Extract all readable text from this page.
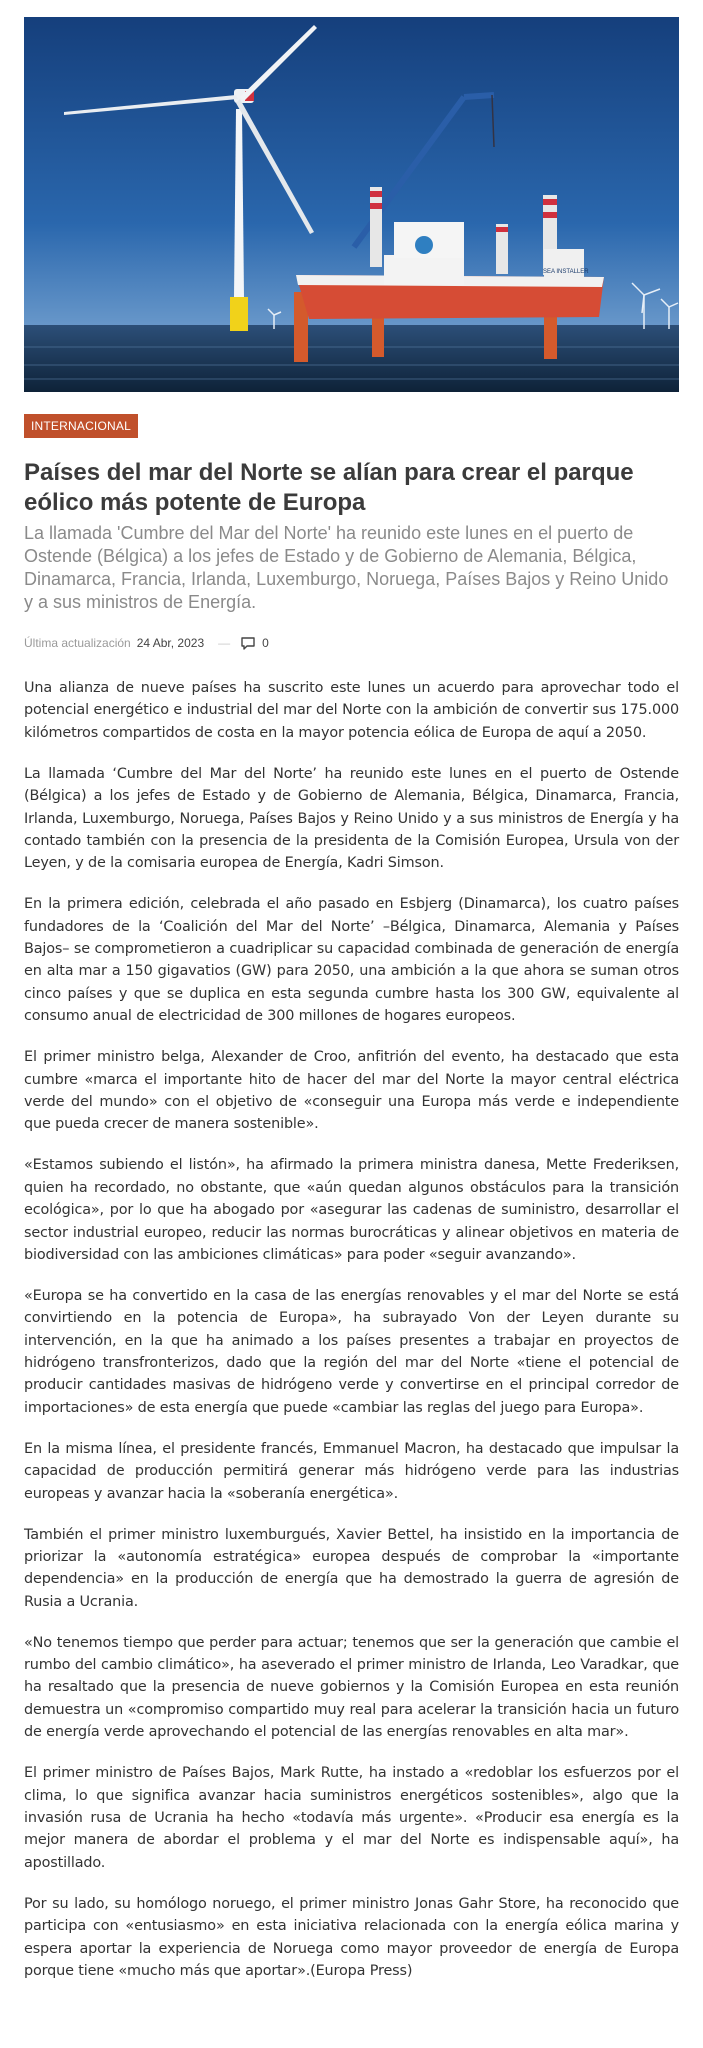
SEA INSTALLER
INTERNACIONAL
Países del mar del Norte se alían para crear el parque eólico más potente de Europa

La llamada 'Cumbre del Mar del Norte' ha reunido este lunes en el puerto de Ostende (Bélgica) a los jefes de Estado y de Gobierno de Alemania, Bélgica, Dinamarca, Francia, Irlanda, Luxemburgo, Noruega, Países Bajos y Reino Unido y a sus ministros de Energía.

Última actualización 24 Abr, 2023 —	0

Una alianza de nueve países ha suscrito este lunes un acuerdo para aprovechar todo el potencial energético e industrial del mar del Norte con la ambición de convertir sus 175.000 kilómetros compartidos de costa en la mayor potencia eólica de Europa de aquí a 2050.

La llamada ‘Cumbre del Mar del Norte’ ha reunido este lunes en el puerto de Ostende (Bélgica) a los jefes de Estado y de Gobierno de Alemania, Bélgica, Dinamarca, Francia, Irlanda, Luxemburgo, Noruega, Países Bajos y Reino Unido y a sus ministros de Energía y ha contado también con la presencia de la presidenta de la Comisión Europea, Ursula von der Leyen, y de la comisaria europea de Energía, Kadri Simson.

En la primera edición, celebrada el año pasado en Esbjerg (Dinamarca), los cuatro países fundadores de la ‘Coalición del Mar del Norte’ –Bélgica, Dinamarca, Alemania y Países Bajos– se comprometieron a cuadriplicar su capacidad combinada de generación de energía en alta mar a 150 gigavatios (GW) para 2050, una ambición a la que ahora se suman otros cinco países y que se duplica en esta segunda cumbre hasta los 300 GW, equivalente al consumo anual de electricidad de 300 millones de hogares europeos.

El primer ministro belga, Alexander de Croo, anfitrión del evento, ha destacado que esta cumbre «marca el importante hito de hacer del mar del Norte la mayor central eléctrica verde del mundo» con el objetivo de «conseguir una Europa más verde e independiente que pueda crecer de manera sostenible».

«Estamos subiendo el listón», ha afirmado la primera ministra danesa, Mette Frederiksen, quien ha recordado, no obstante, que «aún quedan algunos obstáculos para la transición ecológica», por lo que ha abogado por «asegurar las cadenas de suministro, desarrollar el sector industrial europeo, reducir las normas burocráticas y alinear objetivos en materia de biodiversidad con las ambiciones climáticas» para poder «seguir avanzando».

«Europa se ha convertido en la casa de las energías renovables y el mar del Norte se está convirtiendo en la potencia de Europa», ha subrayado Von der Leyen durante su intervención, en la que ha animado a los países presentes a trabajar en proyectos de hidrógeno transfronterizos, dado que la región del mar del Norte «tiene el potencial de producir cantidades masivas de hidrógeno verde y convertirse en el principal corredor de importaciones» de esta energía que puede «cambiar las reglas del juego para Europa».

En la misma línea, el presidente francés, Emmanuel Macron, ha destacado que impulsar la capacidad de producción permitirá generar más hidrógeno verde para las industrias europeas y avanzar hacia la «soberanía energética».

También el primer ministro luxemburgués, Xavier Bettel, ha insistido en la importancia de priorizar la «autonomía estratégica» europea después de comprobar la «importante dependencia» en la producción de energía que ha demostrado la guerra de agresión de Rusia a Ucrania.

«No tenemos tiempo que perder para actuar; tenemos que ser la generación que cambie el rumbo del cambio climático», ha aseverado el primer ministro de Irlanda, Leo Varadkar, que ha resaltado que la presencia de nueve gobiernos y la Comisión Europea en esta reunión demuestra un «compromiso compartido muy real para acelerar la transición hacia un futuro de energía verde aprovechando el potencial de las energías renovables en alta mar».

El primer ministro de Países Bajos, Mark Rutte, ha instado a «redoblar los esfuerzos por el clima, lo que significa avanzar hacia suministros energéticos sostenibles», algo que la invasión rusa de Ucrania ha hecho «todavía más urgente». «Producir esa energía es la mejor manera de abordar el problema y el mar del Norte es indispensable aquí», ha apostillado.

Por su lado, su homólogo noruego, el primer ministro Jonas Gahr Store, ha reconocido que participa con «entusiasmo» en esta iniciativa relacionada con la energía eólica marina y espera aportar la experiencia de Noruega como mayor proveedor de energía de Europa porque tiene «mucho más que aportar».(Europa Press)
